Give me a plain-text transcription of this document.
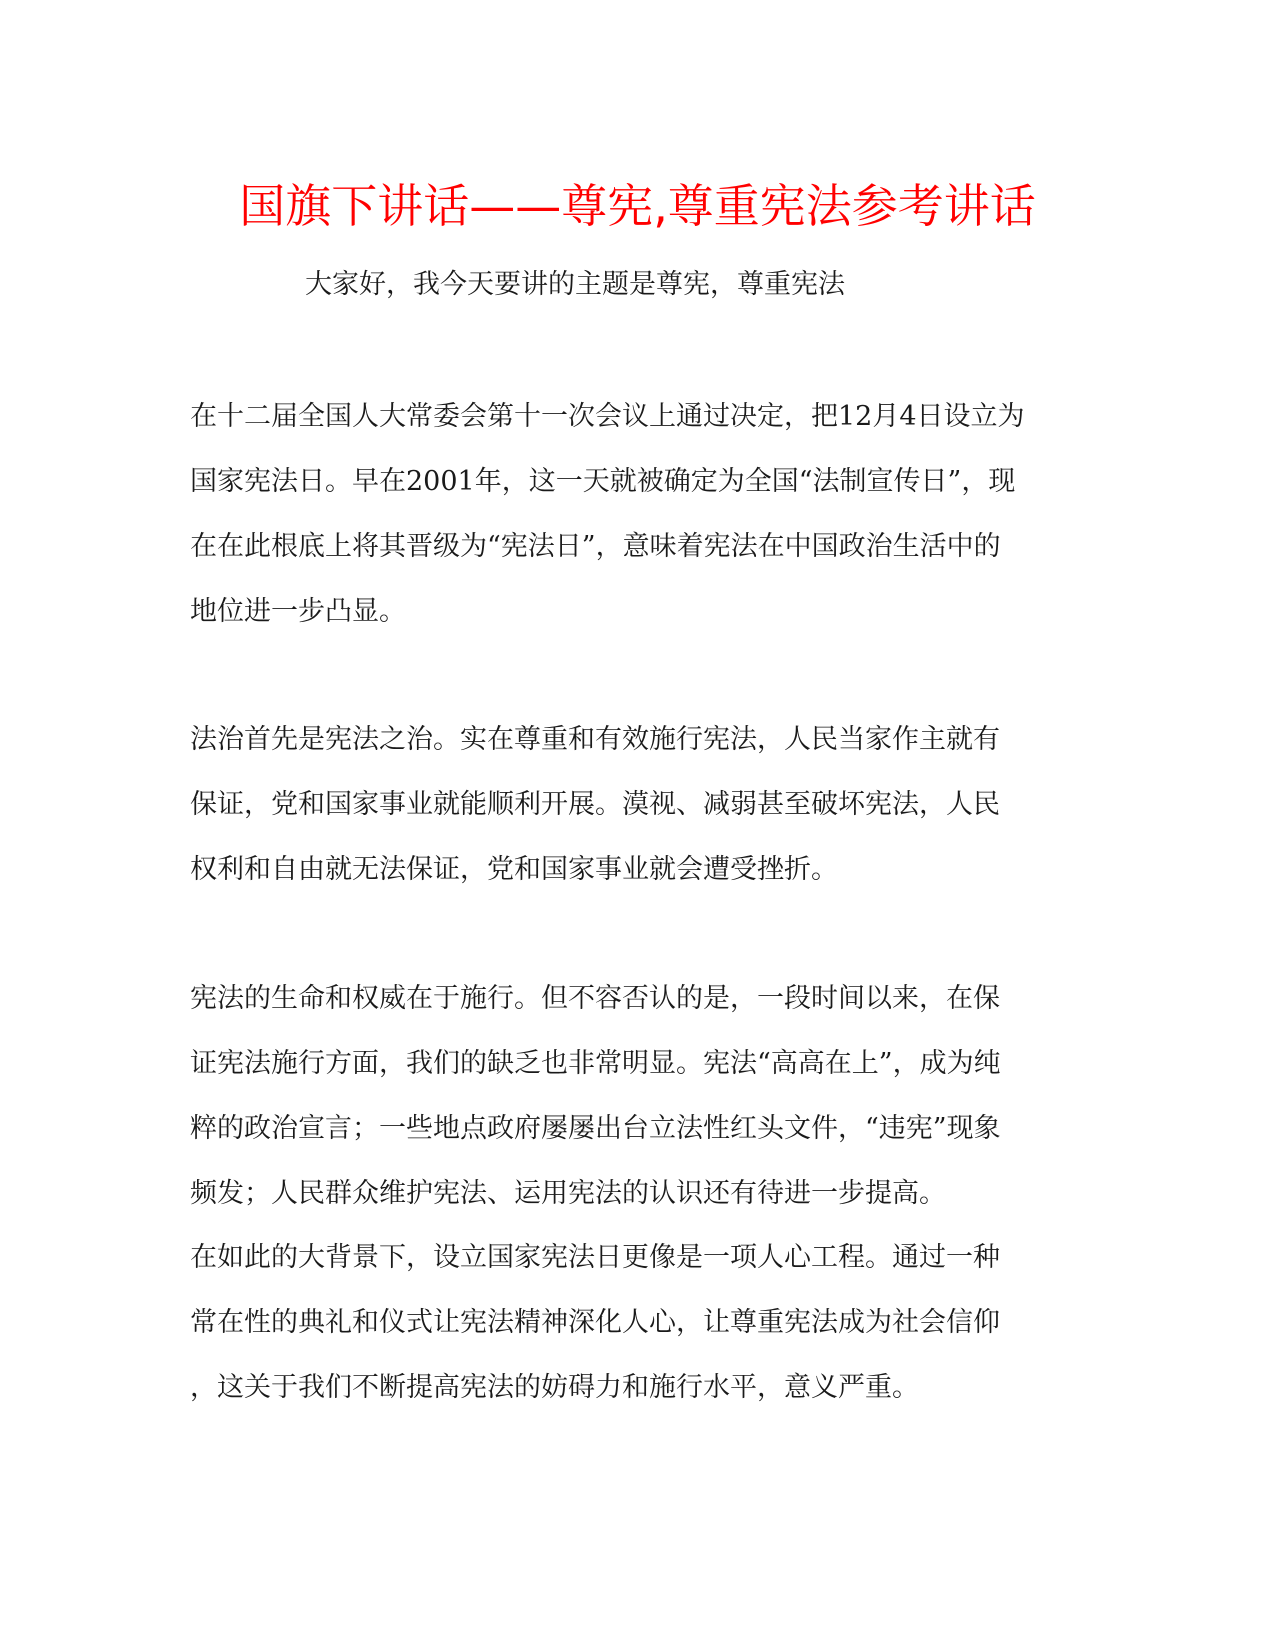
国旗下讲话——尊宪,尊重宪法参考讲话

大家好，我今天要讲的主题是尊宪，尊重宪法

在十二届全国人大常委会第十一次会议上通过决定，把12月4日设立为
国家宪法日。早在2001年，这一天就被确定为全国“法制宣传日”，现
在在此根底上将其晋级为“宪法日”，意味着宪法在中国政治生活中的
地位进一步凸显。
法治首先是宪法之治。实在尊重和有效施行宪法，人民当家作主就有
保证，党和国家事业就能顺利开展。漠视、减弱甚至破坏宪法，人民
权利和自由就无法保证，党和国家事业就会遭受挫折。
宪法的生命和权威在于施行。但不容否认的是，一段时间以来，在保
证宪法施行方面，我们的缺乏也非常明显。宪法“高高在上”，成为纯
粹的政治宣言；一些地点政府屡屡出台立法性红头文件，“违宪”现象
频发；人民群众维护宪法、运用宪法的认识还有待进一步提高。
在如此的大背景下，设立国家宪法日更像是一项人心工程。通过一种
常在性的典礼和仪式让宪法精神深化人心，让尊重宪法成为社会信仰
，这关于我们不断提高宪法的妨碍力和施行水平，意义严重。
